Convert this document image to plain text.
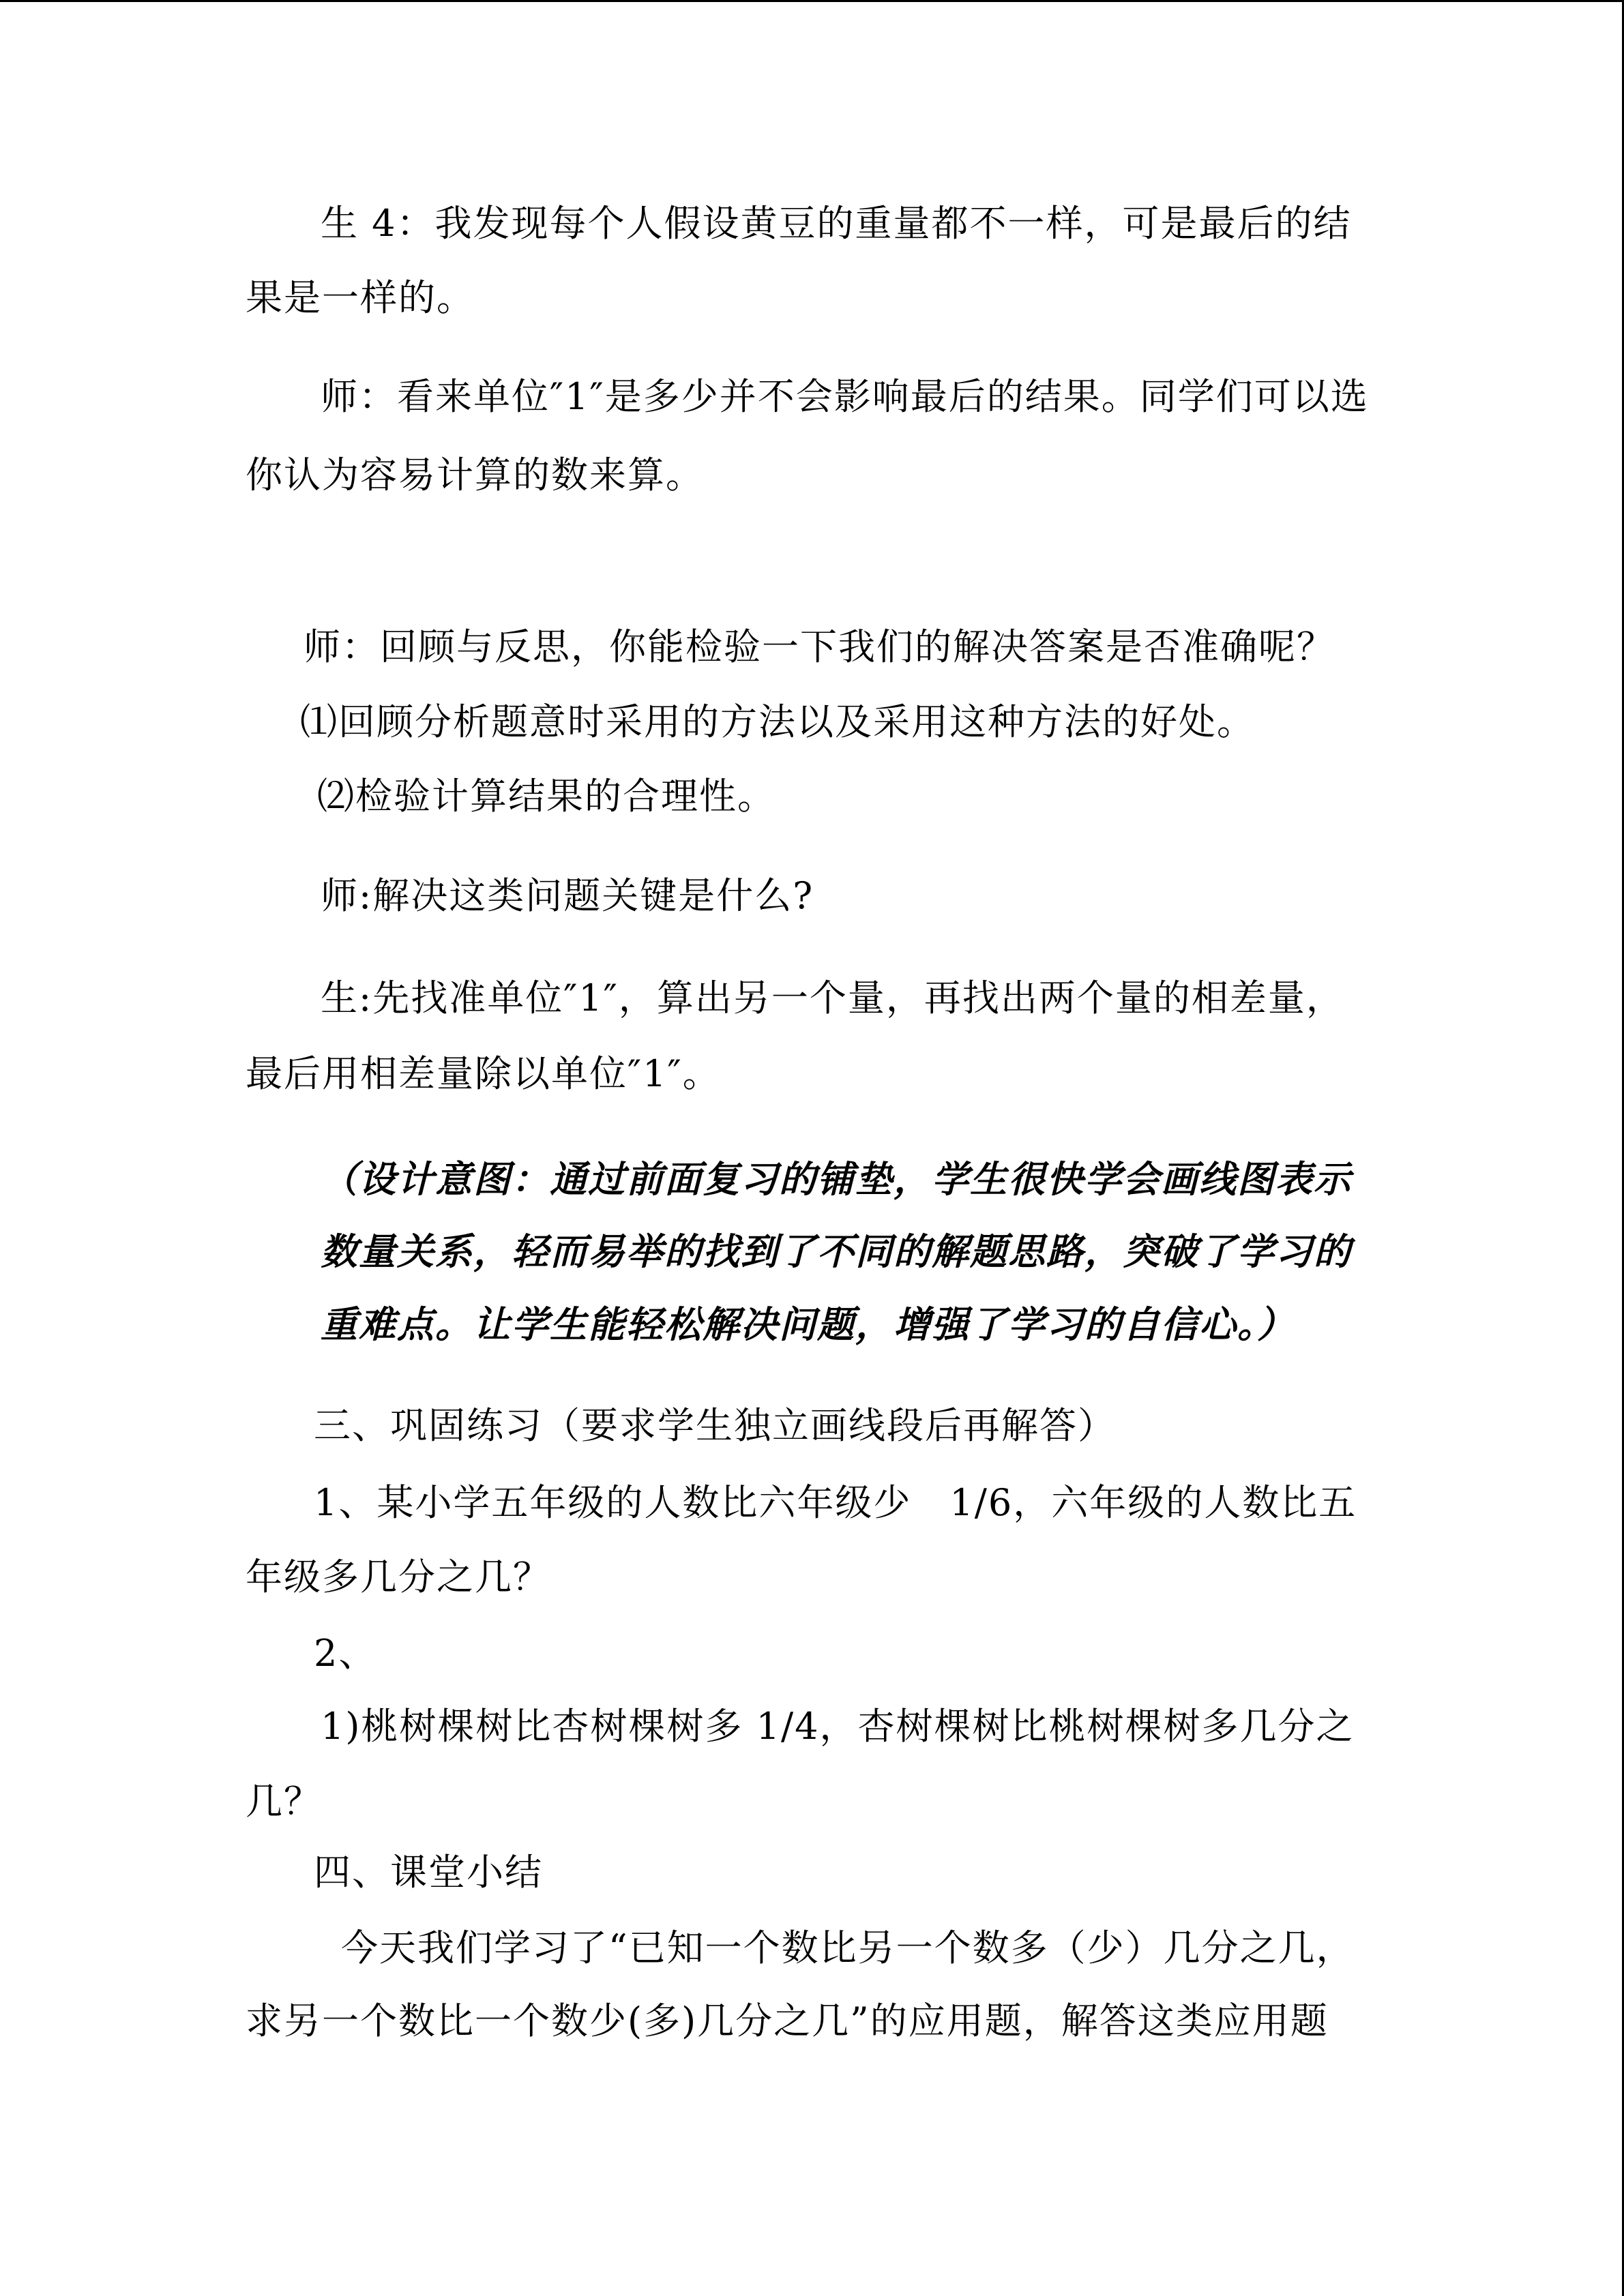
生 4：我发现每个人假设黄豆的重量都不一样，可是最后的结
果是一样的。
师：看来单位″1″是多少并不会影响最后的结果。同学们可以选
你认为容易计算的数来算。
师：回顾与反思，你能检验一下我们的解决答案是否准确呢？
⑴回顾分析题意时采用的方法以及采用这种方法的好处。
⑵检验计算结果的合理性。
师:解决这类问题关键是什么?
生:先找准单位″1″，算出另一个量，再找出两个量的相差量，
最后用相差量除以单位″1″。
（设计意图：通过前面复习的铺垫，学生很快学会画线图表示
数量关系，轻而易举的找到了不同的解题思路，突破了学习的
重难点。让学生能轻松解决问题，增强了学习的自信心。）
三、巩固练习（要求学生独立画线段后再解答）
1、某小学五年级的人数比六年级少　1/6，六年级的人数比五
年级多几分之几？
2、
1)桃树棵树比杏树棵树多 1/4，杏树棵树比桃树棵树多几分之
几？
四、课堂小结
今天我们学习了“已知一个数比另一个数多（少）几分之几，
求另一个数比一个数少(多)几分之几”的应用题，解答这类应用题
